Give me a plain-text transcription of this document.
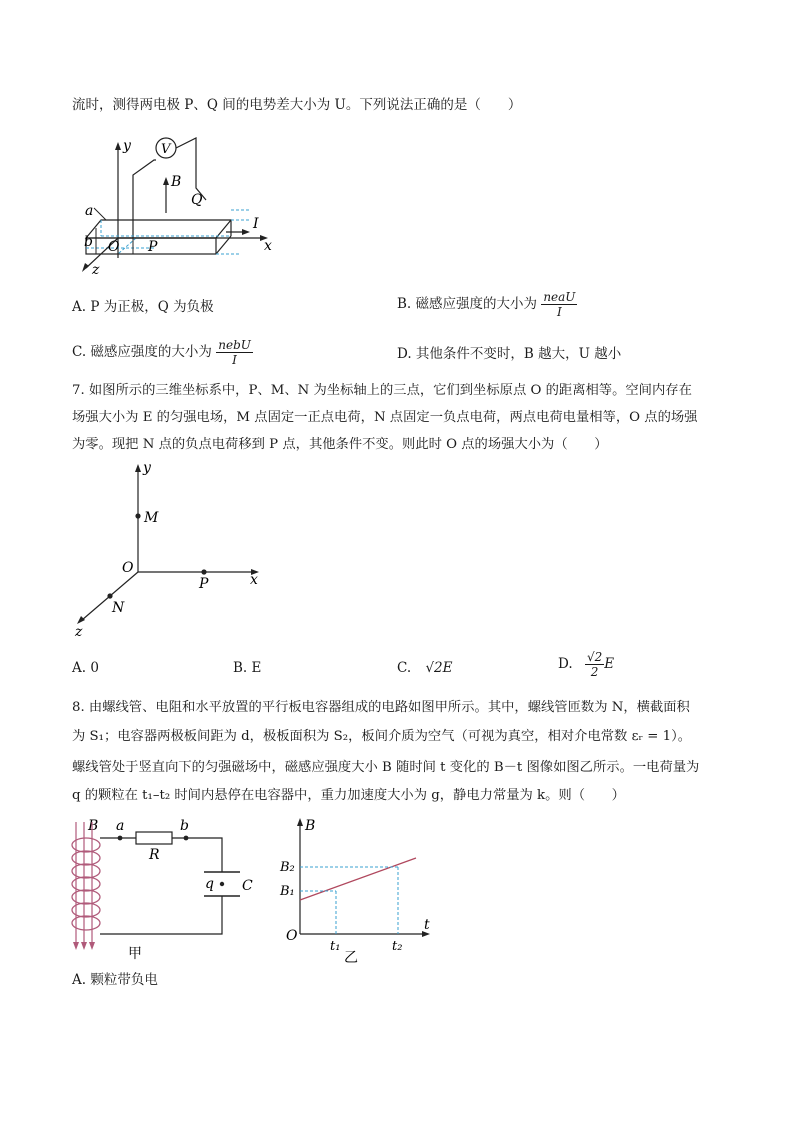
流时，测得两电极 P、Q 间的电势差大小为 U。下列说法正确的是（　　）
y V
B
Q
x
I
z
a
b O P
A. P 为正极，Q 为负极	B. 磁感应强度的大小为 $\frac{\text{neaU}}{I}$
C. 磁感应强度的大小为 $\frac{\text{nebU}}{I}$	D. 其他条件不变时，B 越大，U 越小
7. 如图所示的三维坐标系中，P、M、N 为坐标轴上的三点，它们到坐标原点 O 的距离相等。空间内存在
场强大小为 E 的匀强电场，M 点固定一正点电荷，N 点固定一负点电荷，两点电荷电量相等，O 点的场强
为零。现把 N 点的负点电荷移到 P 点，其他条件不变。则此时 O 点的场强大小为（　　）
y
M
O
x
P
z
N
A. 0	B. E	C. √2E	D. $\frac{√2}{2}$ E
8. 由螺线管、电阻和水平放置的平行板电容器组成的电路如图甲所示。其中，螺线管匝数为 N，横截面积
为 S₁；电容器两极板间距为 d，极板面积为 S₂，板间介质为空气（可视为真空，相对介电常数 εᵣ = 1）。
螺线管处于竖直向下的匀强磁场中，磁感应强度大小 B 随时间 t 变化的 B－t 图像如图乙所示。一电荷量为
q 的颗粒在 t₁–t₂ 时间内悬停在电容器中，重力加速度大小为 g，静电力常量为 k。则（　　）
B a
R
b
q C
甲
B
t
O
B₂
B₁
t₁	t₂
乙
A. 颗粒带负电
